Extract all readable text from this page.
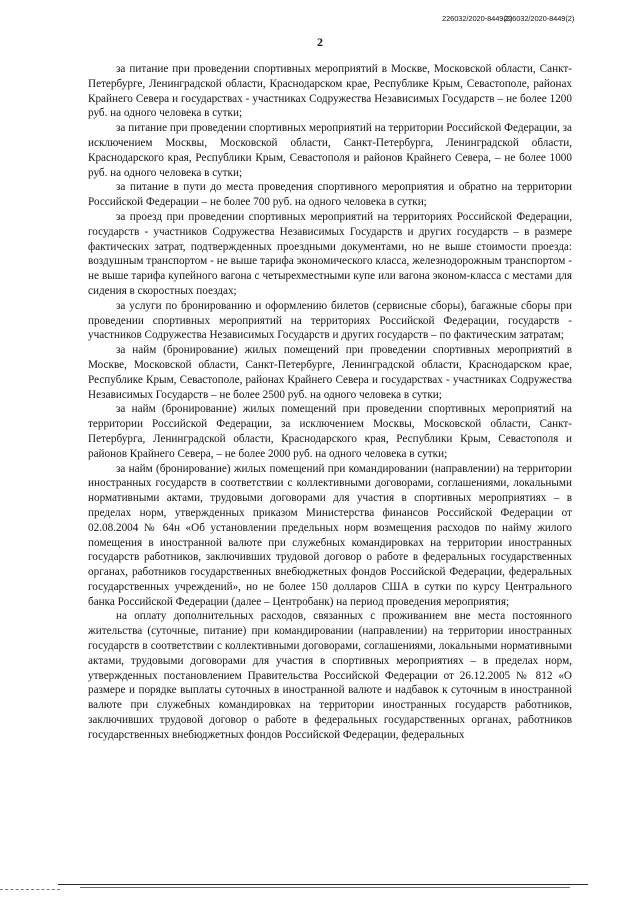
226032/2020-8449(2)
226032/2020-8449(2)
2

за питание при проведении спортивных мероприятий в Москве, Московской области, Санкт-Петербурге, Ленинградской области, Краснодарском крае, Республике Крым, Севастополе, районах Крайнего Севера и государствах - участниках Содружества Независимых Государств – не более 1200 руб. на одного человека в сутки;

за питание при проведении спортивных мероприятий на территории Российской Федерации, за исключением Москвы, Московской области, Санкт-Петербурга, Ленинградской области, Краснодарского края, Республики Крым, Севастополя и районов Крайнего Севера, – не более 1000 руб. на одного человека в сутки;

за питание в пути до места проведения спортивного мероприятия и обратно на территории Российской Федерации – не более 700 руб. на одного человека в сутки;

за проезд при проведении спортивных мероприятий на территориях Российской Федерации, государств - участников Содружества Независимых Государств и других государств – в размере фактических затрат, подтвержденных проездными документами, но не выше стоимости проезда: воздушным транспортом - не выше тарифа экономического класса, железнодорожным транспортом - не выше тарифа купейного вагона с четырехместными купе или вагона эконом-класса с местами для сидения в скоростных поездах;

за услуги по бронированию и оформлению билетов (сервисные сборы), багажные сборы при проведении спортивных мероприятий на территориях Российской Федерации, государств - участников Содружества Независимых Государств и других государств – по фактическим затратам;

за найм (бронирование) жилых помещений при проведении спортивных мероприятий в Москве, Московской области, Санкт-Петербурге, Ленинградской области, Краснодарском крае, Республике Крым, Севастополе, районах Крайнего Севера и государствах - участниках Содружества Независимых Государств – не более 2500 руб. на одного человека в сутки;

за найм (бронирование) жилых помещений при проведении спортивных мероприятий на территории Российской Федерации, за исключением Москвы, Московской области, Санкт-Петербурга, Ленинградской области, Краснодарского края, Республики Крым, Севастополя и районов Крайнего Севера, – не более 2000 руб. на одного человека в сутки;

за найм (бронирование) жилых помещений при командировании (направлении) на территории иностранных государств в соответствии с коллективными договорами, соглашениями, локальными нормативными актами, трудовыми договорами для участия в спортивных мероприятиях – в пределах норм, утвержденных приказом Министерства финансов Российской Федерации от 02.08.2004 № 64н «Об установлении предельных норм возмещения расходов по найму жилого помещения в иностранной валюте при служебных командировках на территории иностранных государств работников, заключивших трудовой договор о работе в федеральных государственных органах, работников государственных внебюджетных фондов Российской Федерации, федеральных государственных учреждений», но не более 150 долларов США в сутки по курсу Центрального банка Российской Федерации (далее – Центробанк) на период проведения мероприятия;

на оплату дополнительных расходов, связанных с проживанием вне места постоянного жительства (суточные, питание) при командировании (направлении) на территории иностранных государств в соответствии с коллективными договорами, соглашениями, локальными нормативными актами, трудовыми договорами для участия в спортивных мероприятиях – в пределах норм, утвержденных постановлением Правительства Российской Федерации от 26.12.2005 № 812 «О размере и порядке выплаты суточных в иностранной валюте и надбавок к суточным в иностранной валюте при служебных командировках на территории иностранных государств работников, заключивших трудовой договор о работе в федеральных государственных органах, работников государственных внебюджетных фондов Российской Федерации, федеральных
